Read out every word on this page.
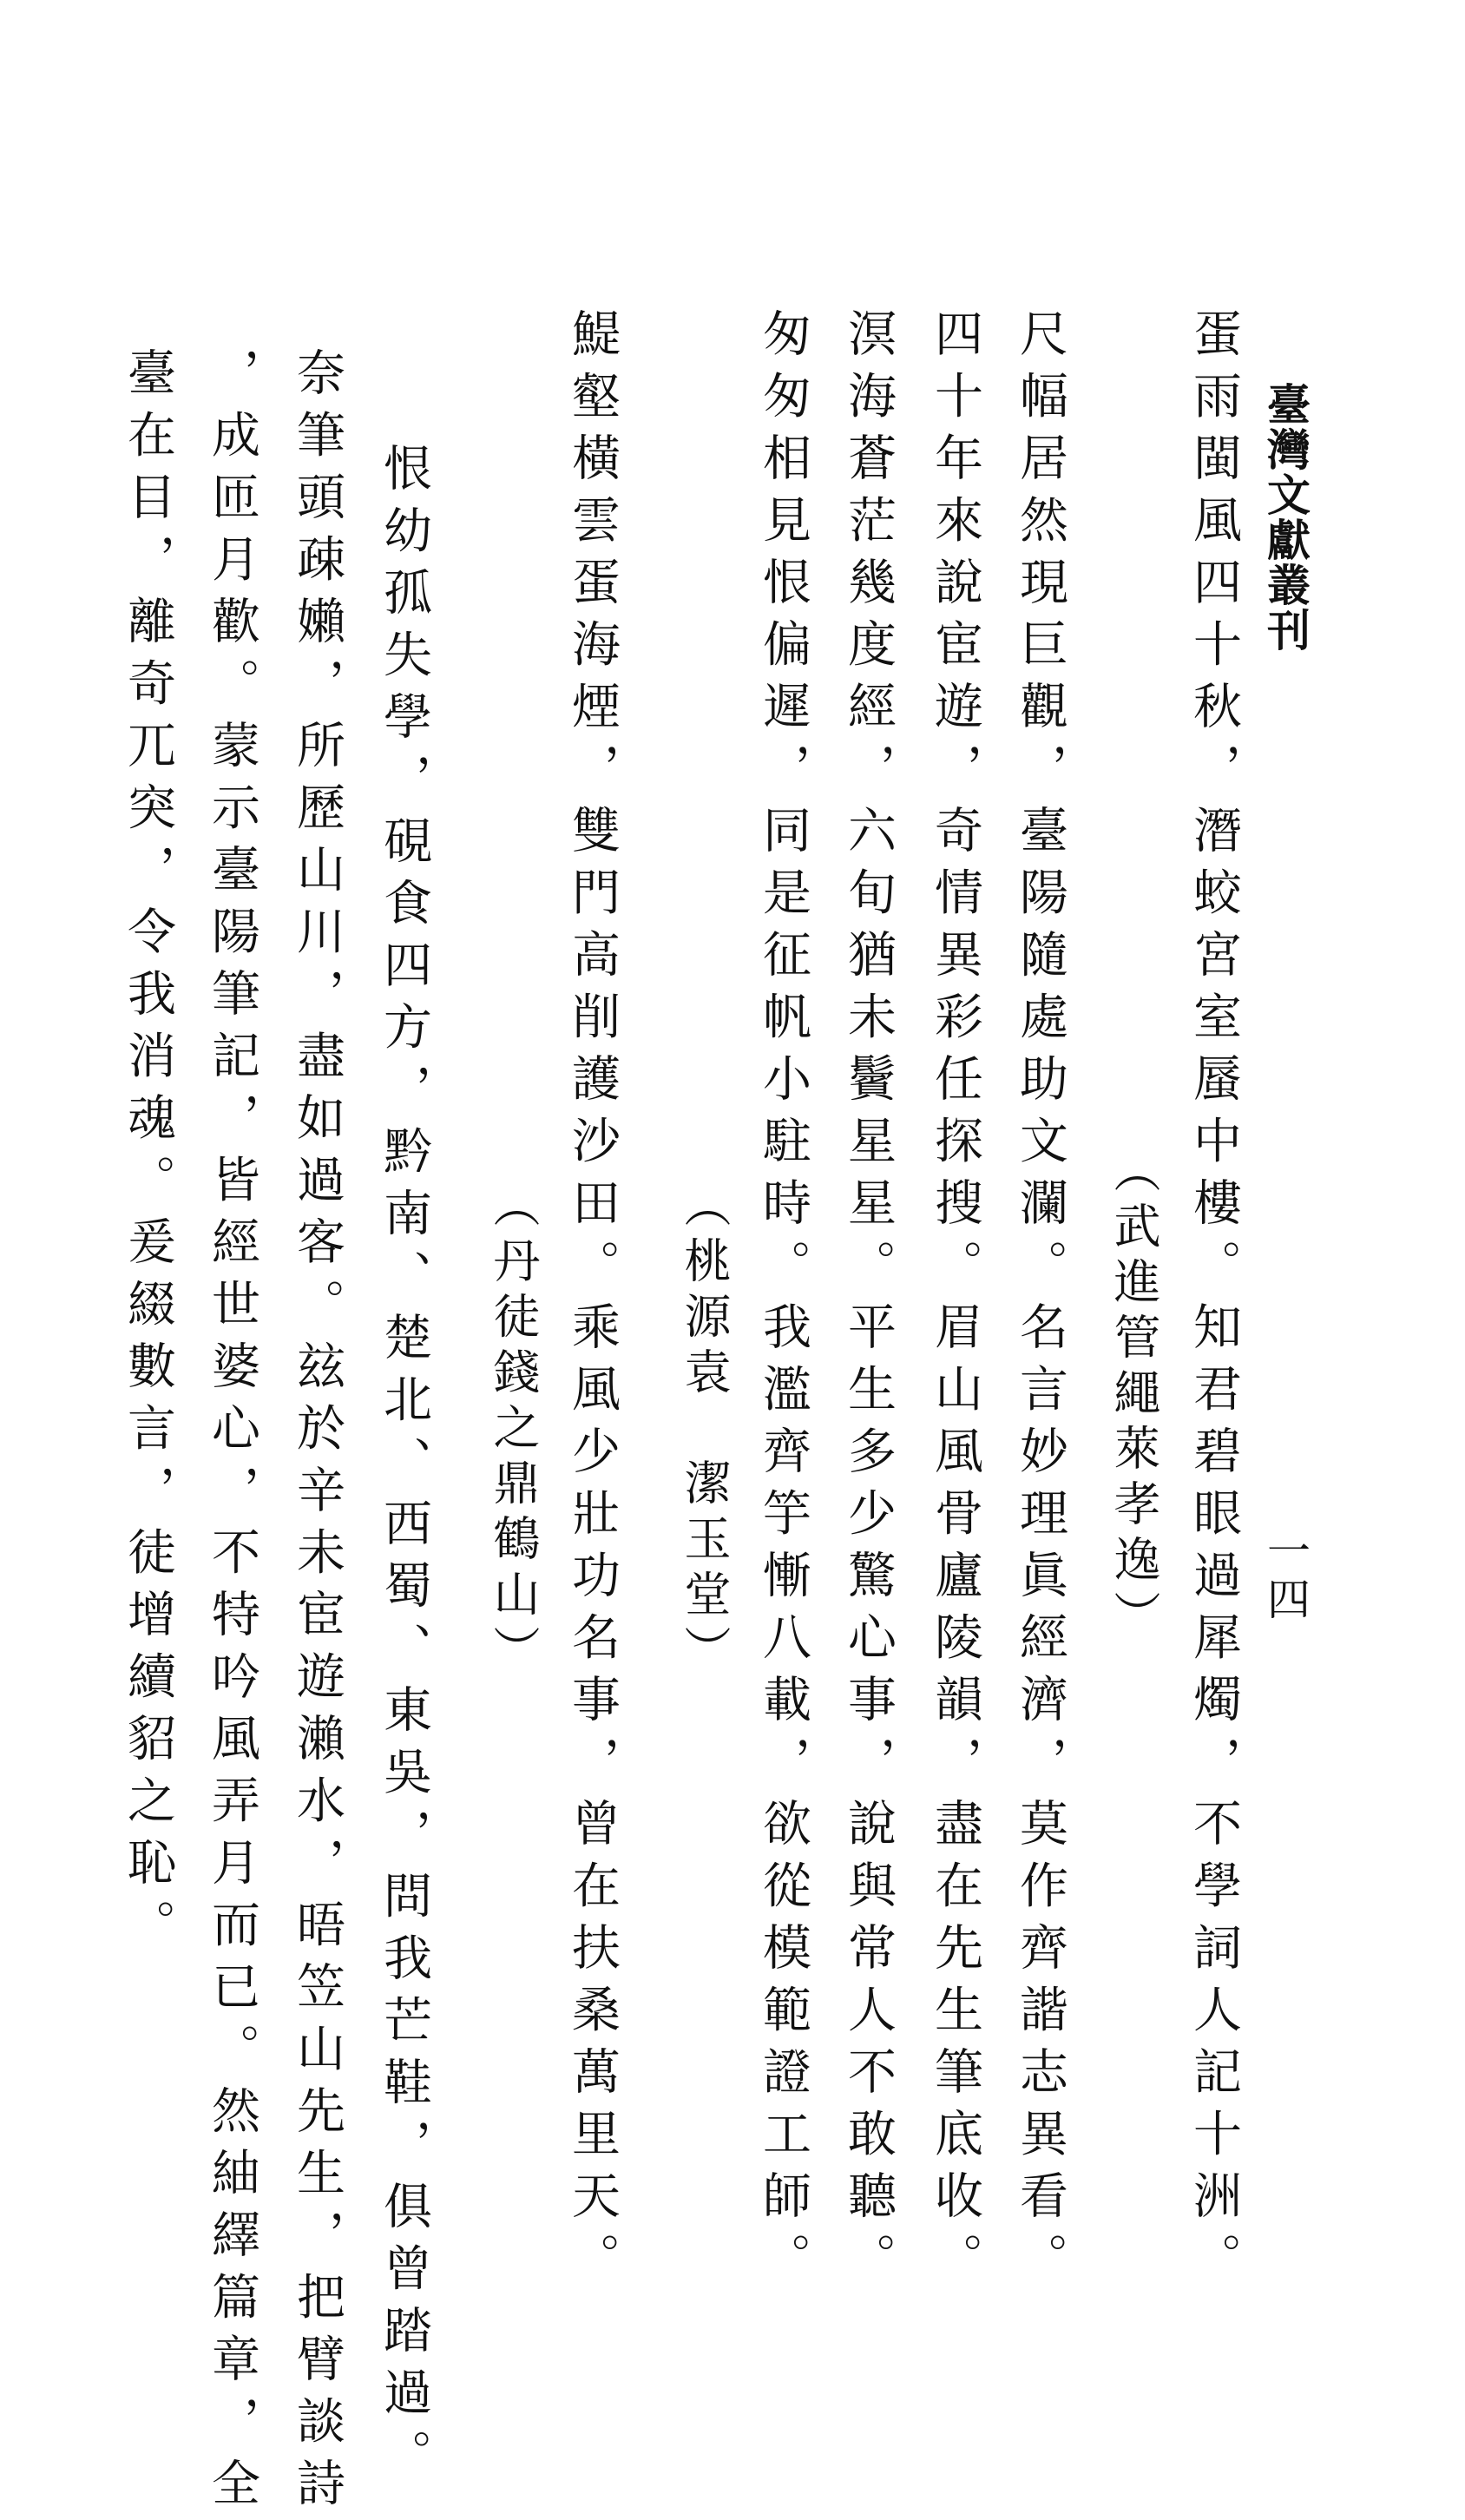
臺灣文獻叢刊
一四
蛋雨閩風四十秋，潛蛟宮室蜃中樓。知君碧眼過犀燭，不學詞人記十洲。
（武進管繩萊孝逸）
尺幅居然現巨觀，臺陽隨處助文瀾。名言妙理眞經濟，莫作齊諧志異看。
四十年來說宦遊，奇情異彩任探搜。眉山風骨廬陵韻，盡在先生筆底收。
溟海蒼茫幾度經，六旬猶未鬢星星。平生多少驚心事，說與常人不敢聽。
匆匆相見恨偏遲，同是征帆小駐時。我濫齊竽慚八載，欲從模範證工師。
（桃源袁　潔玉堂）
鯷壑橫雲蛋海煙，雙門高削護沙田。乘風少壯功名事，曾在扶桑萬里天。
（丹徒錢之鼎鶴山）
恨幼孤失學，硯食四方，黔南、楚北、西蜀、東吳，問我芒鞋，俱曾踏過。
奈筆頭疎嬾，所歷山川，盡如過客。玆於辛未宦遊瀨水，晤笠山先生，把臂談詩
，成匝月歡。蒙示臺陽筆記，皆經世婆心，不特吟風弄月而已。然紬繹篇章，全
臺在目，離奇兀突，令我消魂。爰綴數言，徒增續貂之恥。
